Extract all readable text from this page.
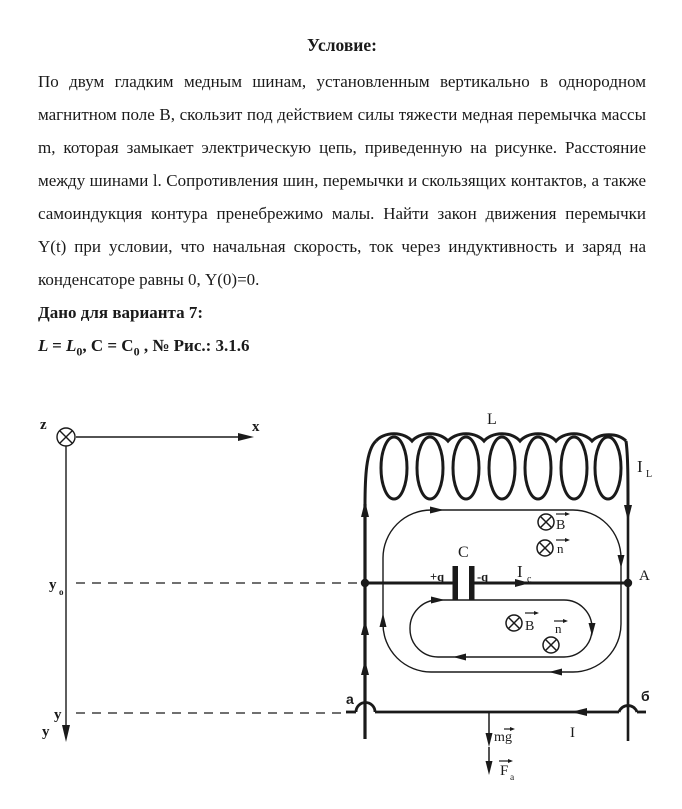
Условие:

По двум гладким медным шинам, установленным вертикально в однородном магнитном поле B, скользит под действием силы тяжести медная перемычка массы m, которая замыкает электрическую цепь, приведенную на рисунке. Расстояние между шинами l. Сопротивления шин, перемычки и скользящих контактов, а также самоиндукция контура пренебрежимо малы. Найти закон движения перемычки Y(t) при условии, что начальная скорость, ток через индуктивность и заряд на конденсаторе равны 0, Y(0)=0.

Дано для варианта 7:

$L = L_0$, $C = C_0$ , № Рис.: 3.1.6

z	x
y o
y
y
L
I L
C
+q	-q I c	A
B
n
B n
а	б
I
m g
F a
